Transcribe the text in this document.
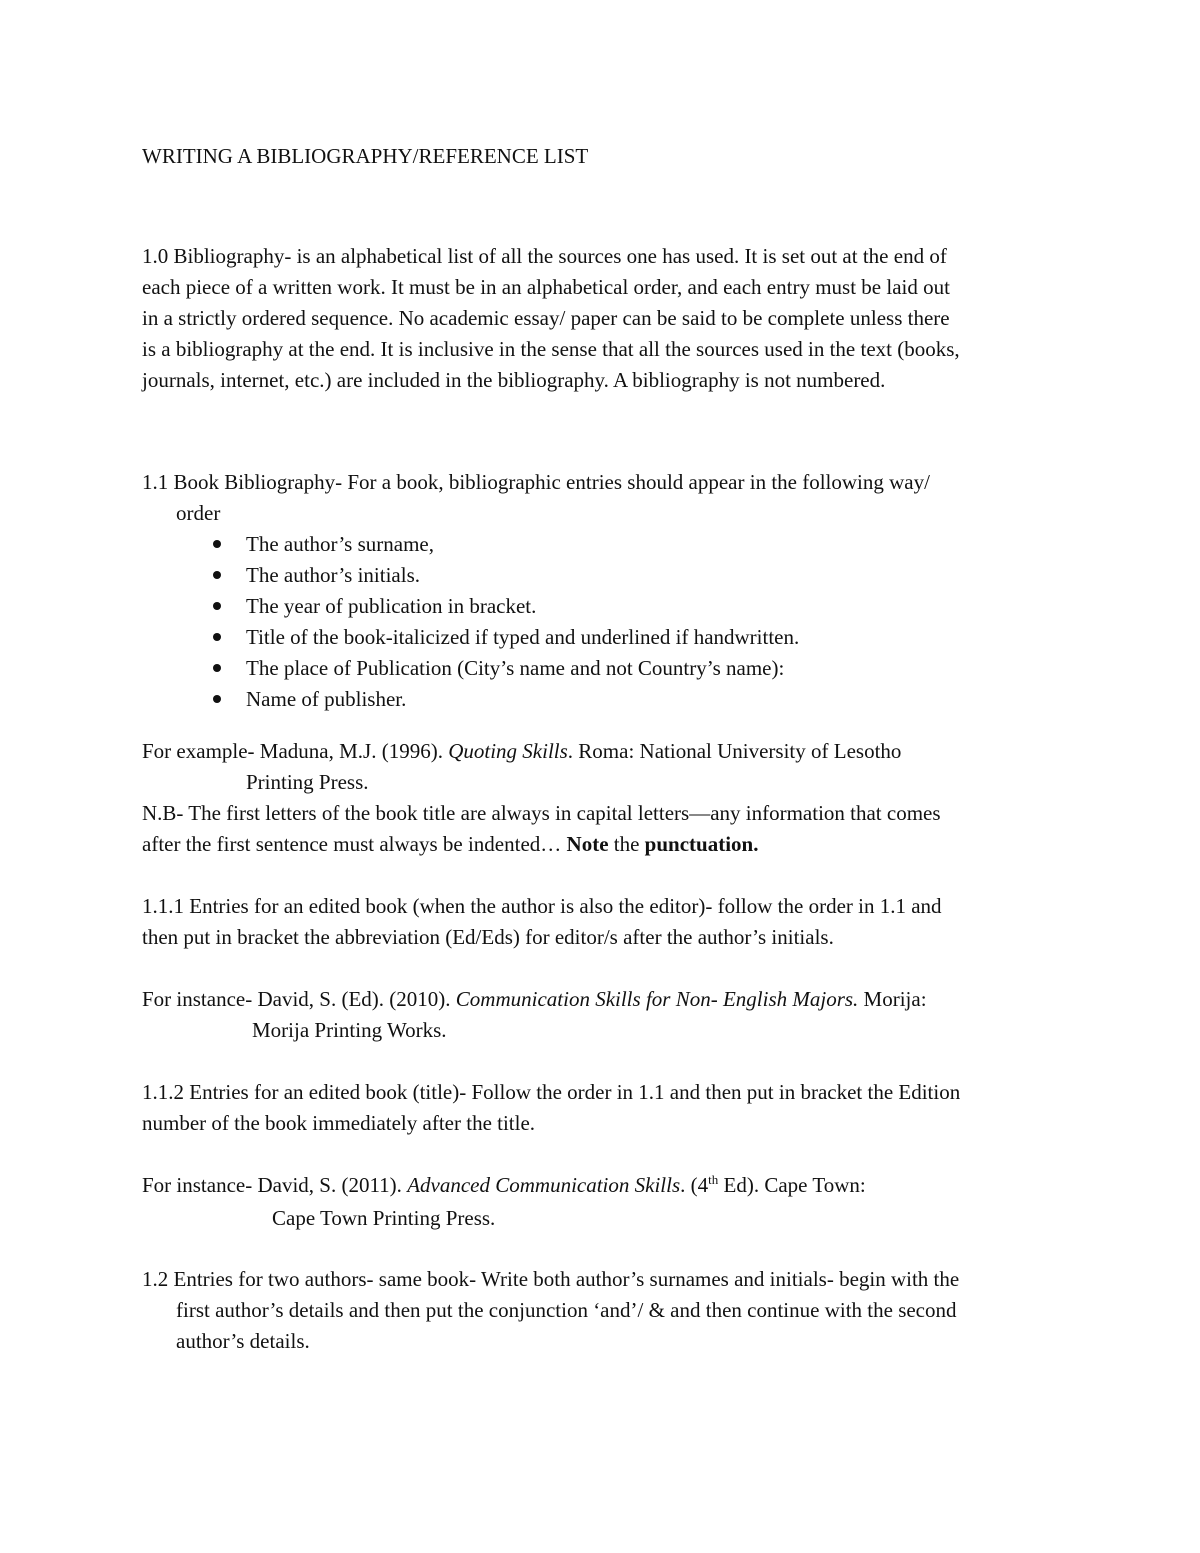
WRITING A BIBLIOGRAPHY/REFERENCE LIST
1.0 Bibliography- is an alphabetical list of all the sources one has used. It is set out at the end of
each piece of a written work. It must be in an alphabetical order, and each entry must be laid out
in a strictly ordered sequence. No academic essay/ paper can be said to be complete unless there
is a bibliography at the end. It is inclusive in the sense that all the sources used in the text (books,
journals, internet, etc.) are included in the bibliography. A bibliography is not numbered.
1.1 Book Bibliography- For a book, bibliographic entries should appear in the following way/
order
The author’s surname,
The author’s initials.
The year of publication in bracket.
Title of the book-italicized if typed and underlined if handwritten.
The place of Publication (City’s name and not Country’s name):
Name of publisher.
For example- Maduna, M.J. (1996). Quoting Skills. Roma: National University of Lesotho
Printing Press.
N.B- The first letters of the book title are always in capital letters—any information that comes
after the first sentence must always be indented… Note the punctuation.
1.1.1 Entries for an edited book (when the author is also the editor)- follow the order in 1.1 and
then put in bracket the abbreviation (Ed/Eds) for editor/s after the author’s initials.
For instance- David, S. (Ed). (2010). Communication Skills for Non- English Majors. Morija:
Morija Printing Works.
1.1.2 Entries for an edited book (title)- Follow the order in 1.1 and then put in bracket the Edition
number of the book immediately after the title.
For instance- David, S. (2011). Advanced Communication Skills. (4th Ed). Cape Town:
Cape Town Printing Press.
1.2 Entries for two authors- same book- Write both author’s surnames and initials- begin with the
first author’s details and then put the conjunction ‘and’/ & and then continue with the second
author’s details.
